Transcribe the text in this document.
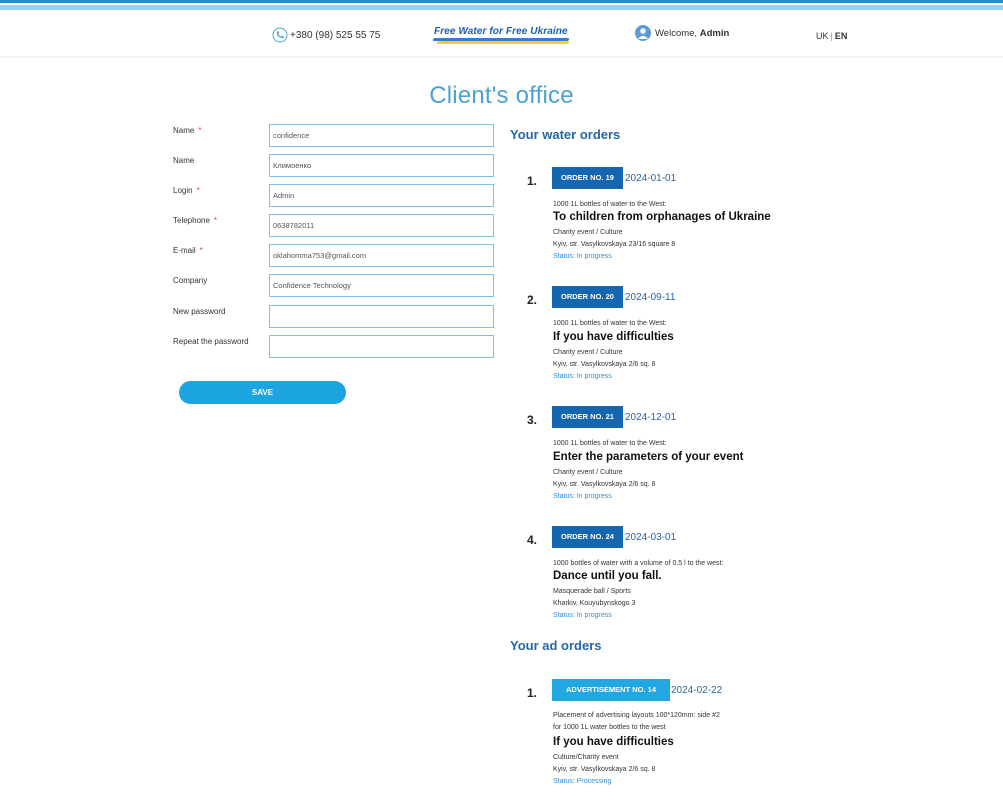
+380 (98) 525 55 75	Free Water for Free Ukraine	Welcome, Admin	UK | EN
Client's office
Name *
confidence
Name
Климоенко
Login *
Admin
Telephone *
0638782011
E-mail *
oklahomma753@gmail.com
Company
Confidence Technology
New password
Repeat the password
SAVE
Your water orders
1.	ORDER NO. 19	2024-01-01
1000 1L bottles of water to the West:
To children from orphanages of Ukraine
Charity event / Culture
Kyiv, str. Vasylkovskaya 23/16 square 8
Status: In progress
2.	ORDER NO. 20	2024-09-11
1000 1L bottles of water to the West:
If you have difficulties
Charity event / Culture
Kyiv, str. Vasylkovskaya 2/6 sq. 8
Status: In progress
3.	ORDER NO. 21	2024-12-01
1000 1L bottles of water to the West:
Enter the parameters of your event
Charity event / Culture
Kyiv, str. Vasylkovskaya 2/6 sq. 8
Status: In progress
4.	ORDER NO. 24	2024-03-01
1000 bottles of water with a volume of 0.5 l to the west:
Dance until you fall.
Masquerade ball / Sports
Kharkiv, Kouyubynskogo 3
Status: In progress
Your ad orders
1.	ADVERTISEMENT NO. 14	2024-02-22
Placement of advertising layouts 100*120mm: side #2
for 1000 1L water bottles to the west
If you have difficulties
Culture/Charity event
Kyiv, str. Vasylkovskaya 2/6 sq. 8
Status: Processing
